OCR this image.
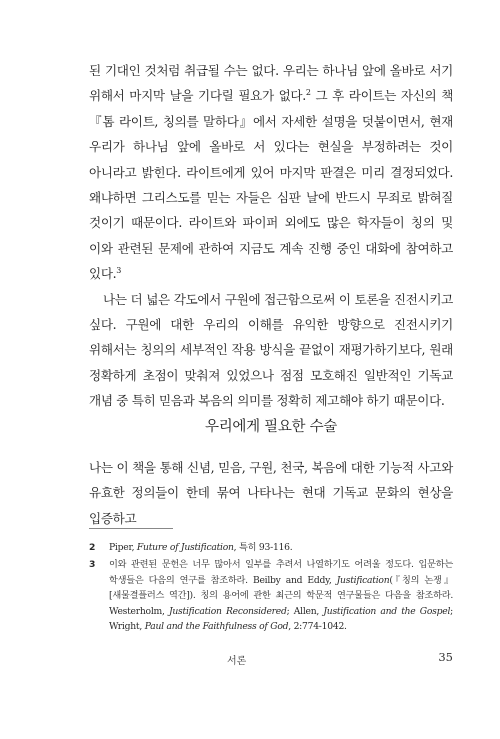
된 기대인 것처럼 취급될 수는 없다. 우리는 하나님 앞에 올바로 서기 위해서 마지막 날을 기다릴 필요가 없다.$^2$ 그 후 라이트는 자신의 책 『톰 라이트, 칭의를 말하다』에서 자세한 설명을 덧붙이면서, 현재 우리가 하나님 앞에 올바로 서 있다는 현실을 부정하려는 것이 아니라고 밝힌다. 라이트에게 있어 마지막 판결은 미리 결정되었다. 왜냐하면 그리스도를 믿는 자들은 심판 날에 반드시 무죄로 밝혀질 것이기 때문이다. 라이트와 파이퍼 외에도 많은 학자들이 칭의 및 이와 관련된 문제에 관하여 지금도 계속 진행 중인 대화에 참여하고 있다.$^3$

나는 더 넓은 각도에서 구원에 접근함으로써 이 토론을 진전시키고 싶다. 구원에 대한 우리의 이해를 유익한 방향으로 진전시키기 위해서는 칭의의 세부적인 작용 방식을 끝없이 재평가하기보다, 원래 정확하게 초점이 맞춰져 있었으나 점점 모호해진 일반적인 기독교 개념 중 특히 믿음과 복음의 의미를 정확히 제고해야 하기 때문이다.

우리에게 필요한 수술

나는 이 책을 통해 신념, 믿음, 구원, 천국, 복음에 대한 기능적 사고와 유효한 정의들이 한데 묶여 나타나는 현대 기독교 문화의 현상을 입증하고

2	Piper, Future of Justification, 특히 93-116.
3	이와 관련된 문헌은 너무 많아서 일부를 추려서 나열하기도 어려울 정도다. 입문하는 학생들은 다음의 연구를 참조하라. Beilby and Eddy, Justification(『칭의 논쟁』[새물결플러스 역간]). 칭의 용어에 관한 최근의 학문적 연구물들은 다음을 참조하라. Westerholm, Justification Reconsidered; Allen, Justification and the Gospel; Wright, Paul and the Faithfulness of God, 2:774-1042.
서론	35
